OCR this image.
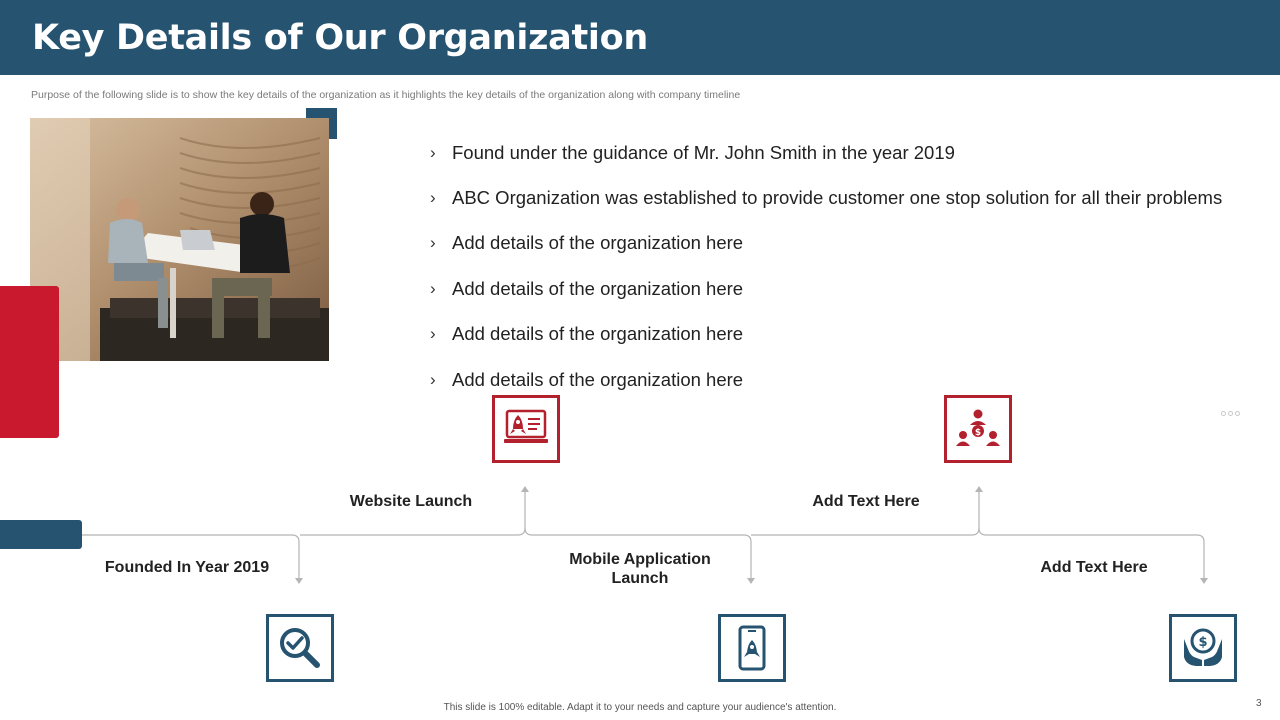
Key Details of Our Organization
Purpose of the following slide is to show the key details of the organization as it highlights the key details of the organization along with company timeline
› Found under the guidance of Mr. John Smith in the year 2019
› ABC Organization was established to provide customer one stop solution for all their problems
› Add details of the organization here
› Add details of the organization here
› Add details of the organization here
› Add details of the organization here
$
$
Founded In Year 2019
Website Launch
Mobile Application Launch
Add Text Here
Add Text Here
This slide is 100% editable. Adapt it to your needs and capture your audience's attention.	3
